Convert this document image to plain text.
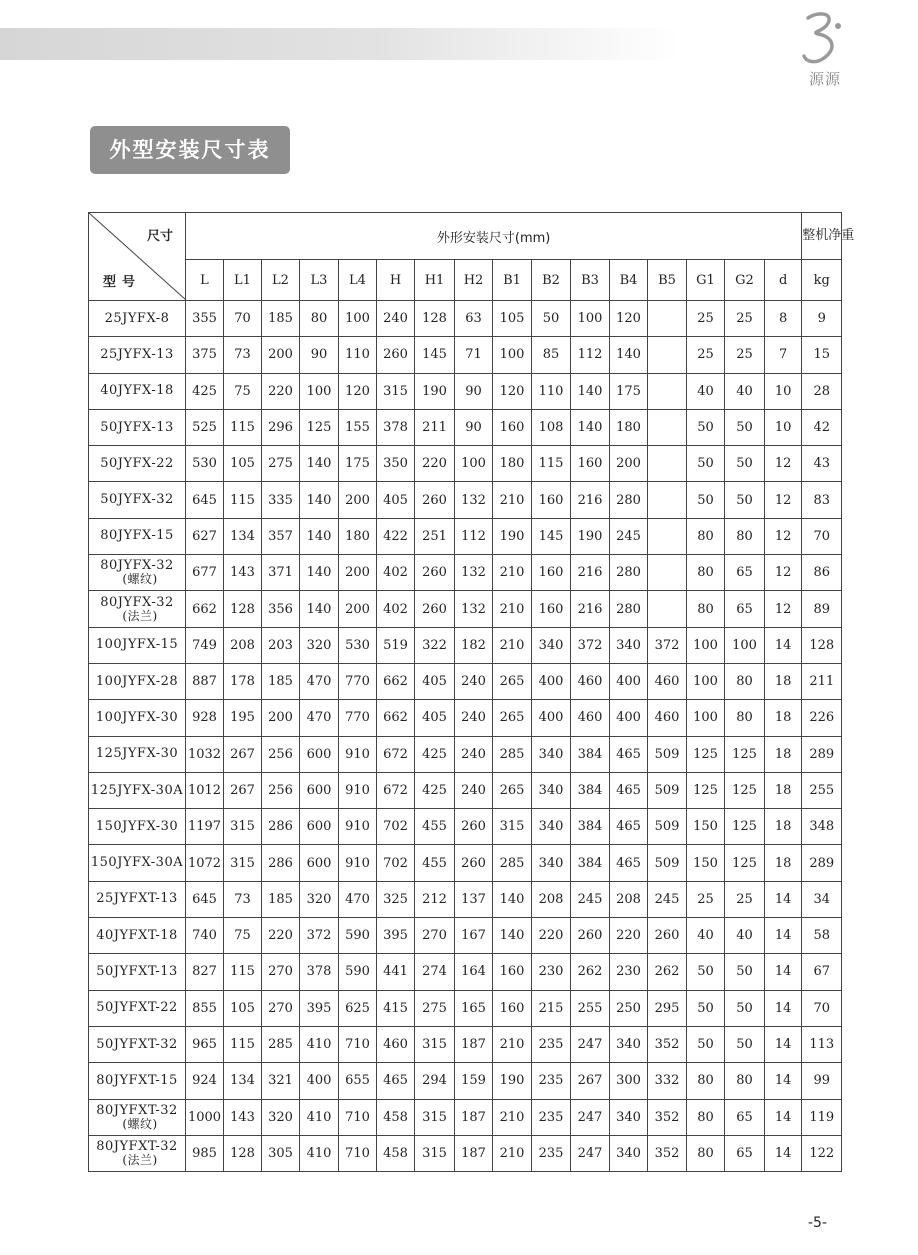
源源
外型安装尺寸表
尺寸
型号	外形安装尺寸(mm)																整机净重
	L	L1	L2	L3	L4	H	H1	H2	B1	B2	B3	B4	B5	G1	G2	d	kg

25JYFX-8	355	70	185	80	100	240	128	63	105	50	100	120		25	25	8	9

25JYFX-13	375	73	200	90	110	260	145	71	100	85	112	140		25	25	7	15

40JYFX-18	425	75	220	100	120	315	190	90	120	110	140	175		40	40	10	28

50JYFX-13	525	115	296	125	155	378	211	90	160	108	140	180		50	50	10	42

50JYFX-22	530	105	275	140	175	350	220	100	180	115	160	200		50	50	12	43

50JYFX-32	645	115	335	140	200	405	260	132	210	160	216	280		50	50	12	83

80JYFX-15	627	134	357	140	180	422	251	112	190	145	190	245		80	80	12	70

80JYFX-32
(螺纹)	677	143	371	140	200	402	260	132	210	160	216	280		80	65	12	86

80JYFX-32
(法兰)	662	128	356	140	200	402	260	132	210	160	216	280		80	65	12	89

100JYFX-15	749	208	203	320	530	519	322	182	210	340	372	340	372	100	100	14	128

100JYFX-28	887	178	185	470	770	662	405	240	265	400	460	400	460	100	80	18	211

100JYFX-30	928	195	200	470	770	662	405	240	265	400	460	400	460	100	80	18	226

125JYFX-30	1032	267	256	600	910	672	425	240	285	340	384	465	509	125	125	18	289

125JYFX-30A	1012	267	256	600	910	672	425	240	265	340	384	465	509	125	125	18	255

150JYFX-30	1197	315	286	600	910	702	455	260	315	340	384	465	509	150	125	18	348

150JYFX-30A	1072	315	286	600	910	702	455	260	285	340	384	465	509	150	125	18	289

25JYFXT-13	645	73	185	320	470	325	212	137	140	208	245	208	245	25	25	14	34

40JYFXT-18	740	75	220	372	590	395	270	167	140	220	260	220	260	40	40	14	58

50JYFXT-13	827	115	270	378	590	441	274	164	160	230	262	230	262	50	50	14	67

50JYFXT-22	855	105	270	395	625	415	275	165	160	215	255	250	295	50	50	14	70

50JYFXT-32	965	115	285	410	710	460	315	187	210	235	247	340	352	50	50	14	113

80JYFXT-15	924	134	321	400	655	465	294	159	190	235	267	300	332	80	80	14	99

80JYFXT-32
(螺纹)	1000	143	320	410	710	458	315	187	210	235	247	340	352	80	65	14	119

80JYFXT-32
(法兰)	985	128	305	410	710	458	315	187	210	235	247	340	352	80	65	14	122
-5-
